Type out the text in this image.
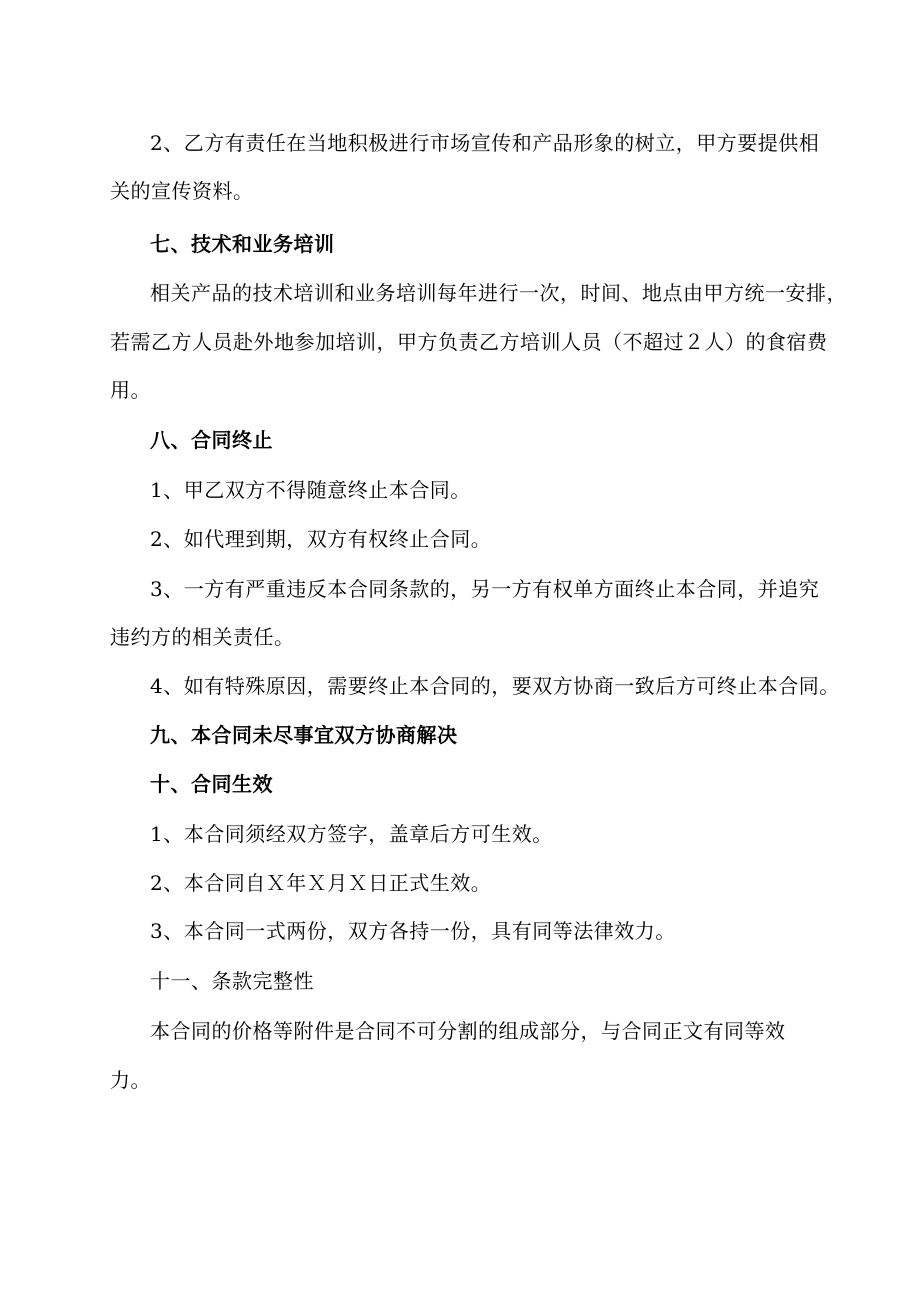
2、乙方有责任在当地积极进行市场宣传和产品形象的树立，甲方要提供相
关的宣传资料。
七、技术和业务培训
相关产品的技术培训和业务培训每年进行一次，时间、地点由甲方统一安排，
若需乙方人员赴外地参加培训，甲方负责乙方培训人员（不超过２人）的食宿费
用。
八、合同终止
1、甲乙双方不得随意终止本合同。
2、如代理到期，双方有权终止合同。
3、一方有严重违反本合同条款的，另一方有权单方面终止本合同，并追究
违约方的相关责任。
4、如有特殊原因，需要终止本合同的，要双方协商一致后方可终止本合同。
九、本合同未尽事宜双方协商解决
十、合同生效
1、本合同须经双方签字，盖章后方可生效。
2、本合同自Ｘ年Ｘ月Ｘ日正式生效。
3、本合同一式两份，双方各持一份，具有同等法律效力。
十一、条款完整性
本合同的价格等附件是合同不可分割的组成部分，与合同正文有同等效
力。
